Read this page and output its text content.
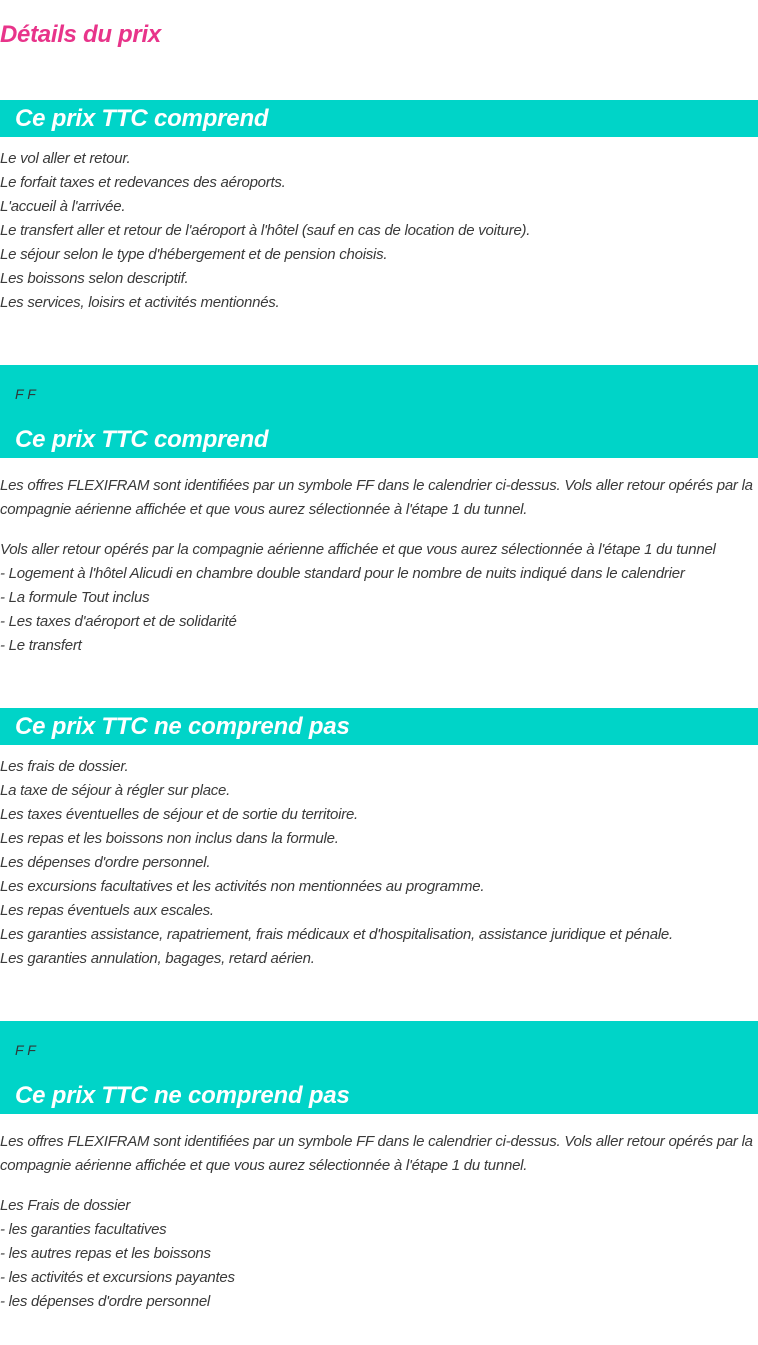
Détails du prix
Ce prix TTC comprend
Le vol aller et retour.
Le forfait taxes et redevances des aéroports.
L'accueil à l'arrivée.
Le transfert aller et retour de l'aéroport à l'hôtel (sauf en cas de location de voiture).
Le séjour selon le type d'hébergement et de pension choisis.
Les boissons selon descriptif.
Les services, loisirs et activités mentionnés.
F F
Ce prix TTC comprend
Les offres FLEXIFRAM sont identifiées par un symbole FF dans le calendrier ci-dessus. Vols aller retour opérés par la compagnie aérienne affichée et que vous aurez sélectionnée à l'étape 1 du tunnel.
Vols aller retour opérés par la compagnie aérienne affichée et que vous aurez sélectionnée à l'étape 1 du tunnel
- Logement à l'hôtel Alicudi en chambre double standard pour le nombre de nuits indiqué dans le calendrier
- La formule Tout inclus
- Les taxes d'aéroport et de solidarité
- Le transfert
Ce prix TTC ne comprend pas
Les frais de dossier.
La taxe de séjour à régler sur place.
Les taxes éventuelles de séjour et de sortie du territoire.
Les repas et les boissons non inclus dans la formule.
Les dépenses d'ordre personnel.
Les excursions facultatives et les activités non mentionnées au programme.
Les repas éventuels aux escales.
Les garanties assistance, rapatriement, frais médicaux et d'hospitalisation, assistance juridique et pénale.
Les garanties annulation, bagages, retard aérien.
F F
Ce prix TTC ne comprend pas
Les offres FLEXIFRAM sont identifiées par un symbole FF dans le calendrier ci-dessus. Vols aller retour opérés par la compagnie aérienne affichée et que vous aurez sélectionnée à l'étape 1 du tunnel.
Les Frais de dossier
- les garanties facultatives
- les autres repas et les boissons
- les activités et excursions payantes
- les dépenses d'ordre personnel
